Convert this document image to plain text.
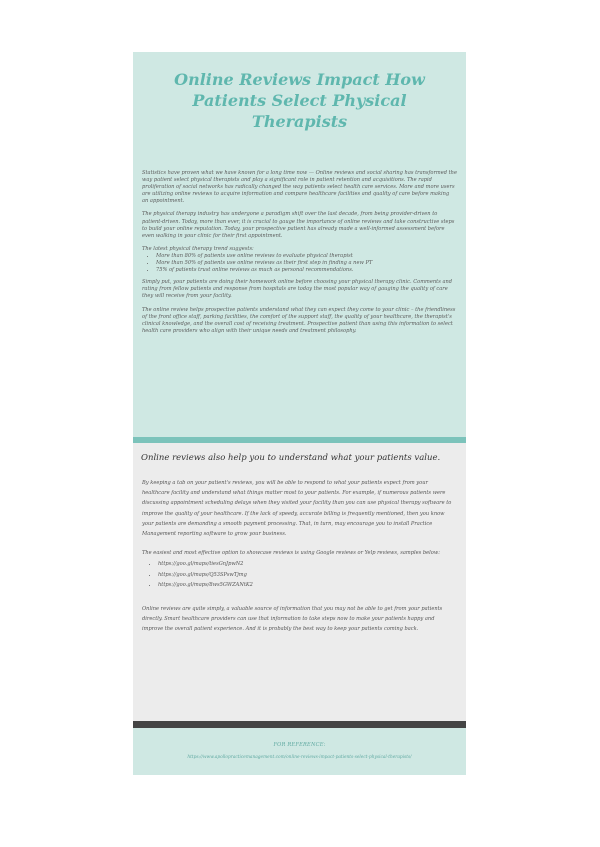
Online Reviews Impact How Patients Select Physical Therapists

Statistics have proven what we have known for a long time now — Online reviews and social sharing has transformed the way patient select physical therapists and play a significant role in patient retention and acquisitions. The rapid proliferation of social networks has radically changed the way patients select health care services. More and more users are utilizing online reviews to acquire information and compare healthcare facilities and quality of care before making an appointment.

The physical therapy industry has undergone a paradigm shift over the last decade, from being provider-driven to patient-driven. Today, more than ever, it is crucial to gauge the importance of online reviews and take constructive steps to build your online reputation. Today, your prospective patient has already made a well-informed assessment before even walking in your clinic for their first appointment.

The latest physical therapy trend suggests:
• More than 80% of patients use online reviews to evaluate physical therapist
• More than 50% of patients use online reviews as their first step in finding a new PT
• 75% of patients trust online reviews as much as personal recommendations.

Simply put, your patients are doing their homework online before choosing your physical therapy clinic. Comments and rating from fellow patients and response from hospitals are today the most popular way of gauging the quality of care they will receive from your facility.

The online review helps prospective patients understand what they can expect they come to your clinic – the friendliness of the front office staff, parking facilities, the comfort of the support staff, the quality of your healthcare, the therapist's clinical knowledge, and the overall cost of receiving treatment. Prospective patient than using this information to select health care providers who align with their unique needs and treatment philosophy.

Online reviews also help you to understand what your patients value.

By keeping a tab on your patient's reviews, you will be able to respond to what your patients expect from your healthcare facility and understand what things matter most to your patients. For example, if numerous patients were discussing appointment scheduling delays when they visited your facility than you can use physical therapy software to improve the quality of your healthcare. If the lack of speedy, accurate billing is frequently mentioned, then you know your patients are demanding a smooth payment processing. That, in turn, may encourage you to install Practice Management reporting software to grow your business.

The easiest and most effective option to showcase reviews is using Google reviews or Yelp reviews, samples below:

• https://goo.gl/maps/tiesGnJpwN2
• https://goo.gl/maps/Q53SPswTjmg
• https://goo.gl/maps/8ws5GWZANtK2

Online reviews are quite simply, a valuable source of information that you may not be able to get from your patients directly. Smart healthcare providers can use that information to take steps now to make your patients happy and improve the overall patient experience. And it is probably the best way to keep your patients coming back.

FOR REFERENCE:
https://www.apollopracticemanagement.com/online-reviews-impact-patients-select-physical-therapists/
